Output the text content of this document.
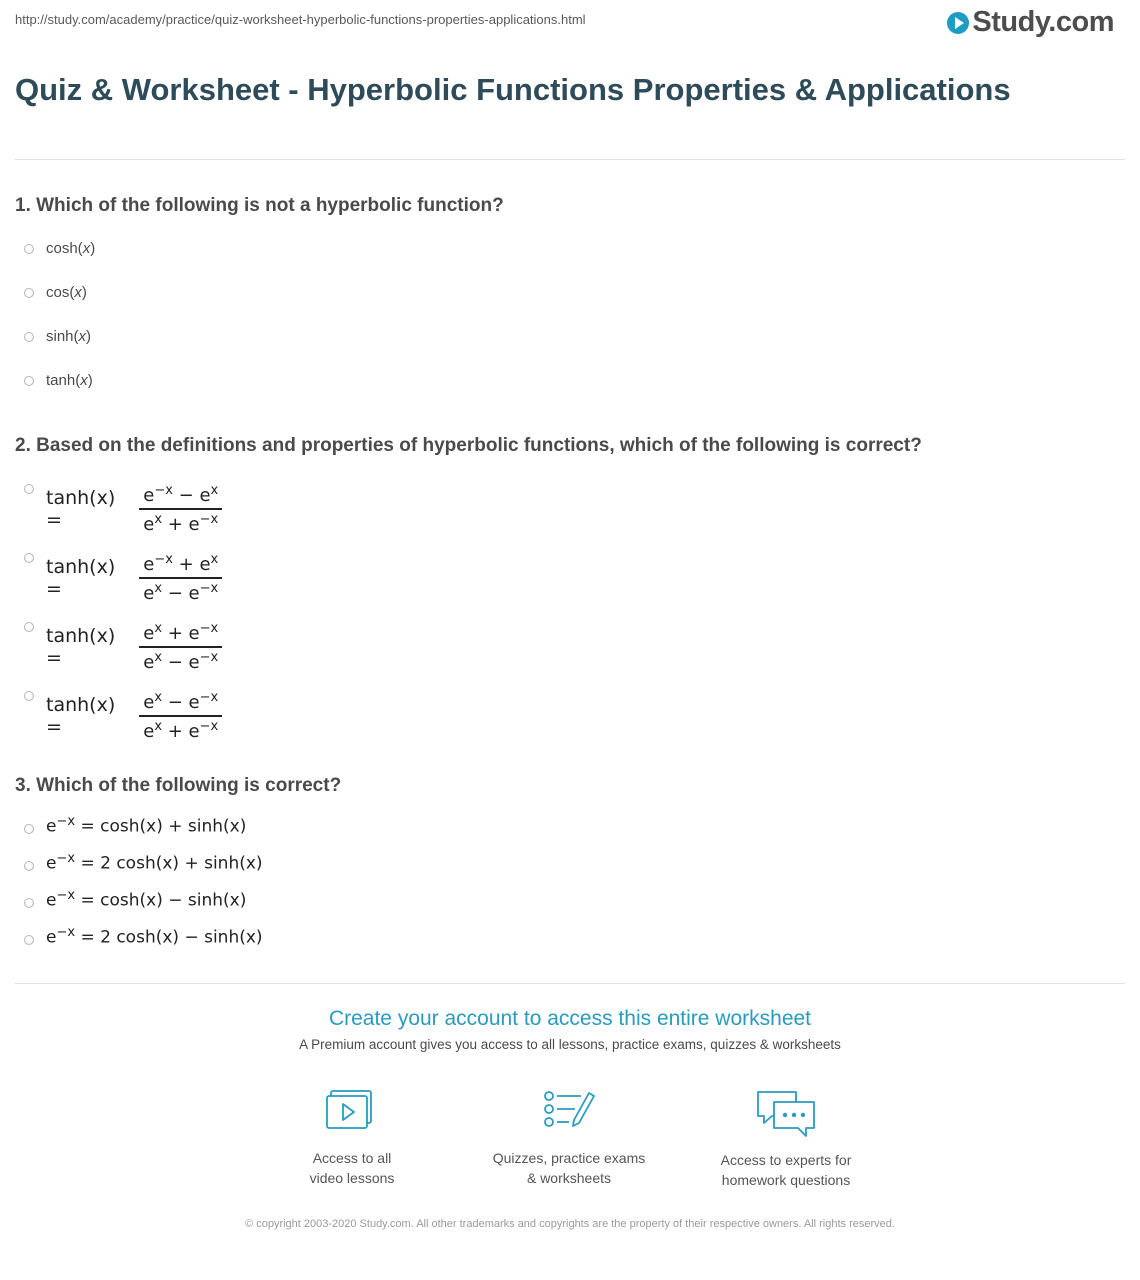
http://study.com/academy/practice/quiz-worksheet-hyperbolic-functions-properties-applications.html	Study.com
Quiz & Worksheet - Hyperbolic Functions Properties & Applications
1. Which of the following is not a hyperbolic function?
cosh(x)
cos(x)
sinh(x)
tanh(x)
2. Based on the definitions and properties of hyperbolic functions, which of the following is correct?
tanh(x) =	$\frac{e^{-x} - e^x}{e^x + e^{-x}}$
tanh(x) =	$\frac{e^{-x} + e^x}{e^x - e^{-x}}$
tanh(x) =	$\frac{e^x + e^{-x}}{e^x - e^{-x}}$
tanh(x) =	$\frac{e^x - e^{-x}}{e^x + e^{-x}}$
3. Which of the following is correct?
$e^{-x} = \cosh(x) + \sinh(x)$
$e^{-x} = 2$ cosh(x) + sinh(x)
$e^{-x} = \cosh(x) - \sinh(x)$
$e^{-x} = 2$ cosh(x) − sinh(x)
Create your account to access this entire worksheet
A Premium account gives you access to all lessons, practice exams, quizzes & worksheets
Access to all
video lessons
Quizzes, practice exams
& worksheets
Access to experts for
homework questions
© copyright 2003-2020 Study.com. All other trademarks and copyrights are the property of their respective owners. All rights reserved.
